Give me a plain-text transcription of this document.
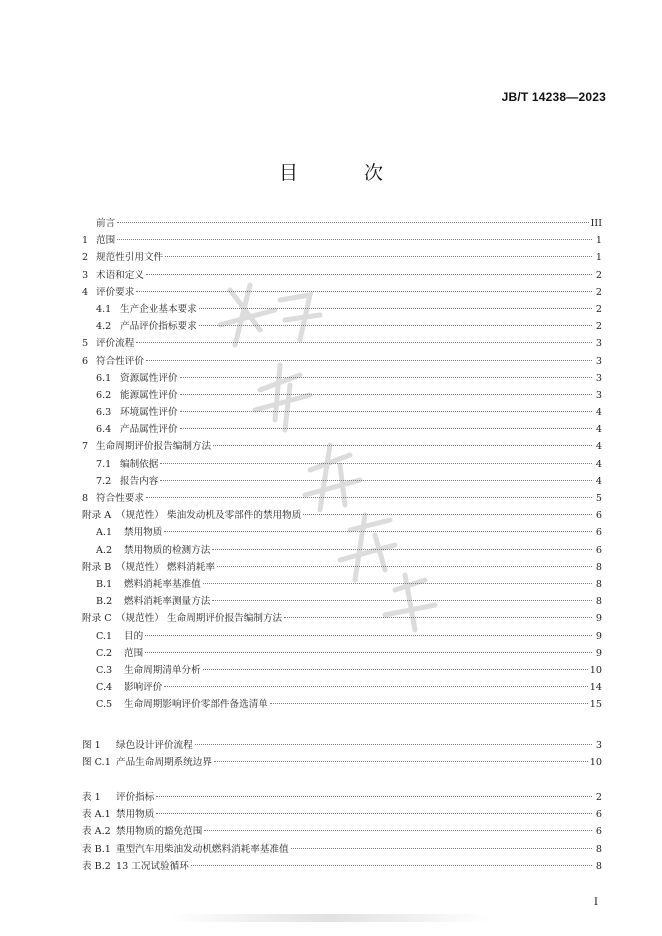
JB/T 14238—2023
目 次
前言	III
1 范围	1
2 规范性引用文件	1
3 术语和定义	2
4 评价要求	2
4.1 生产企业基本要求	2
4.2 产品评价指标要求	2
5 评价流程	3
6 符合性评价	3
6.1 资源属性评价	3
6.2 能源属性评价	3
6.3 环境属性评价	4
6.4 产品属性评价	4
7 生命周期评价报告编制方法	4
7.1 编制依据	4
7.2 报告内容	4
8 符合性要求	5
附录 A （规范性） 柴油发动机及零部件的禁用物质	6
A.1 禁用物质	6
A.2 禁用物质的检测方法	6
附录 B （规范性） 燃料消耗率	8
B.1 燃料消耗率基准值	8
B.2 燃料消耗率测量方法	8
附录 C （规范性） 生命周期评价报告编制方法	9
C.1 目的	9
C.2 范围	9
C.3 生命周期清单分析	10
C.4 影响评价	14
C.5 生命周期影响评价零部件备选清单	15
图 1 绿色设计评价流程	3
图 C.1 产品生命周期系统边界	10
表 1 评价指标	2
表 A.1 禁用物质	6
表 A.2 禁用物质的豁免范围	6
表 B.1 重型汽车用柴油发动机燃料消耗率基准值	8
表 B.2 13 工况试验循环	8
I
